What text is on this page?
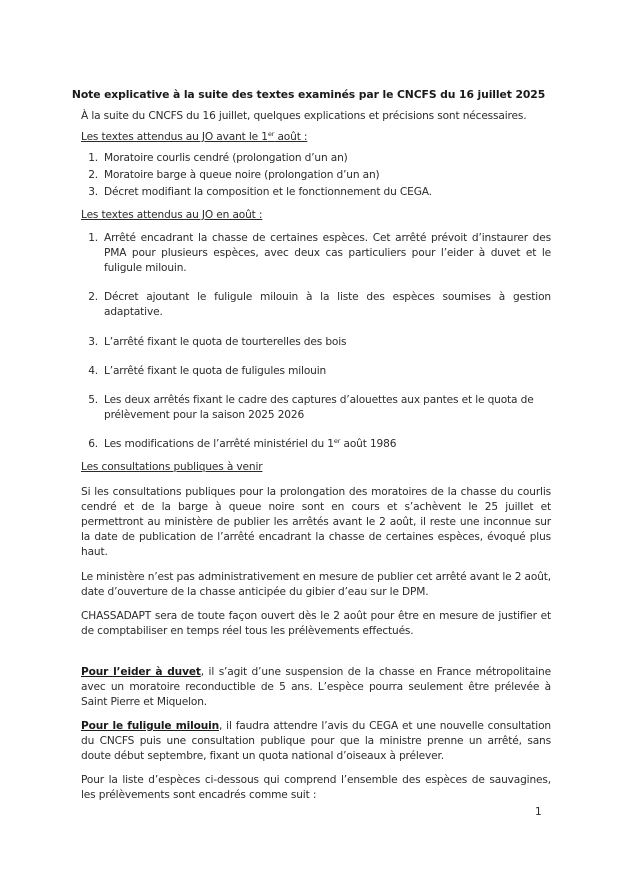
Note explicative à la suite des textes examinés par le CNCFS du 16 juillet 2025
À la suite du CNCFS du 16 juillet, quelques explications et précisions sont nécessaires.
Les textes attendus au JO avant le 1er août :
1. Moratoire courlis cendré (prolongation d’un an)
2. Moratoire barge à queue noire (prolongation d’un an)
3. Décret modifiant la composition et le fonctionnement du CEGA.
Les textes attendus au JO en août :
1. Arrêté encadrant la chasse de certaines espèces. Cet arrêté prévoit d’instaurer des PMA pour plusieurs espèces, avec deux cas particuliers pour l’eider à duvet et le fuligule milouin.
2. Décret ajoutant le fuligule milouin à la liste des espèces soumises à gestion adaptative.
3. L’arrêté fixant le quota de tourterelles des bois
4. L’arrêté fixant le quota de fuligules milouin
5. Les deux arrêtés fixant le cadre des captures d’alouettes aux pantes et le quota de prélèvement pour la saison 2025 2026
6. Les modifications de l’arrêté ministériel du 1er août 1986
Les consultations publiques à venir
Si les consultations publiques pour la prolongation des moratoires de la chasse du courlis cendré et de la barge à queue noire sont en cours et s’achèvent le 25 juillet et permettront au ministère de publier les arrêtés avant le 2 août, il reste une inconnue sur la date de publication de l’arrêté encadrant la chasse de certaines espèces, évoqué plus haut.
Le ministère n’est pas administrativement en mesure de publier cet arrêté avant le 2 août, date d’ouverture de la chasse anticipée du gibier d’eau sur le DPM.
CHASSADAPT sera de toute façon ouvert dès le 2 août pour être en mesure de justifier et de comptabiliser en temps réel tous les prélèvements effectués.
Pour l’eider à duvet, il s’agit d’une suspension de la chasse en France métropolitaine avec un moratoire reconductible de 5 ans. L’espèce pourra seulement être prélevée à Saint Pierre et Miquelon.
Pour le fuligule milouin, il faudra attendre l’avis du CEGA et une nouvelle consultation du CNCFS puis une consultation publique pour que la ministre prenne un arrêté, sans doute début septembre, fixant un quota national d’oiseaux à prélever.
Pour la liste d’espèces ci-dessous qui comprend l’ensemble des espèces de sauvagines, les prélèvements sont encadrés comme suit :
1
